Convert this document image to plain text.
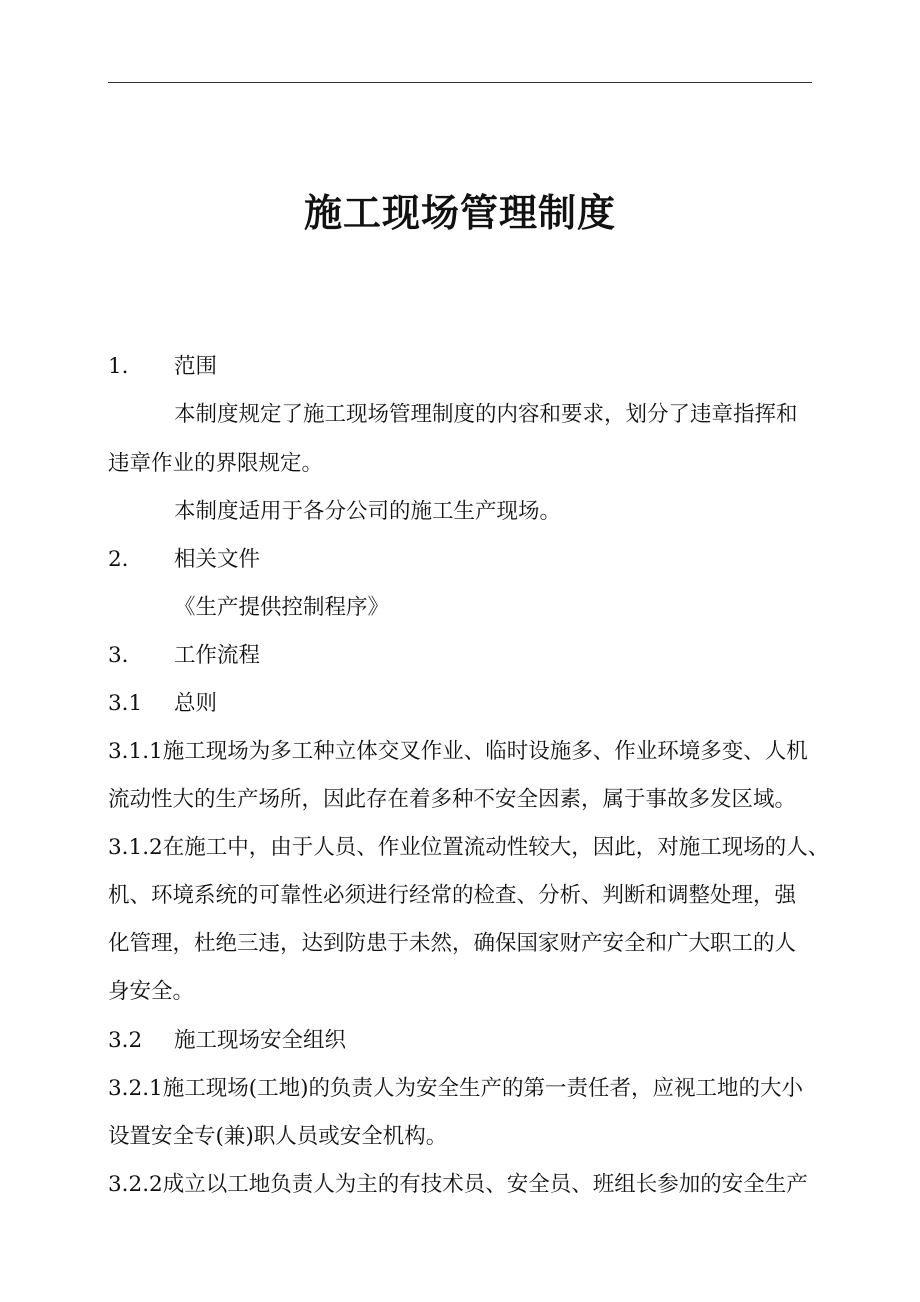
施工现场管理制度
1. 范围
本制度规定了施工现场管理制度的内容和要求，划分了违章指挥和
违章作业的界限规定。
本制度适用于各分公司的施工生产现场。
2. 相关文件
《生产提供控制程序》
3. 工作流程
3.1 总则
3.1.1施工现场为多工种立体交叉作业、临时设施多、作业环境多变、人机
流动性大的生产场所，因此存在着多种不安全因素，属于事故多发区域。
3.1.2在施工中，由于人员、作业位置流动性较大，因此，对施工现场的人、
机、环境系统的可靠性必须进行经常的检查、分析、判断和调整处理，强
化管理，杜绝三违，达到防患于未然，确保国家财产安全和广大职工的人
身安全。
3.2 施工现场安全组织
3.2.1施工现场(工地)的负责人为安全生产的第一责任者，应视工地的大小
设置安全专(兼)职人员或安全机构。
3.2.2成立以工地负责人为主的有技术员、安全员、班组长参加的安全生产
